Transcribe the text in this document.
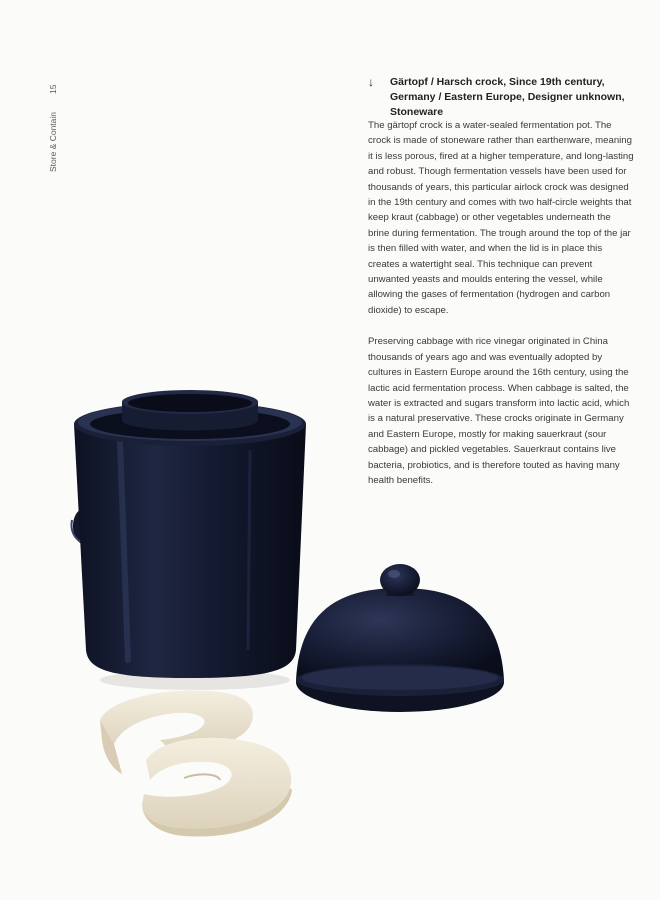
Store & Contain
15
↓	Gärtopf / Harsch crock, Since 19th century, Germany / Eastern Europe, Designer unknown, Stoneware

The gärtopf crock is a water-sealed fermentation pot. The crock is made of stoneware rather than earthenware, meaning it is less porous, fired at a higher temperature, and long-lasting and robust. Though fermentation vessels have been used for thousands of years, this particular airlock crock was designed in the 19th century and comes with two half-circle weights that keep kraut (cabbage) or other vegetables underneath the brine during fermentation. The trough around the top of the jar is then filled with water, and when the lid is in place this creates a watertight seal. This technique can prevent unwanted yeasts and moulds entering the vessel, while allowing the gases of fermentation (hydrogen and carbon dioxide) to escape.

Preserving cabbage with rice vinegar originated in China thousands of years ago and was eventually adopted by cultures in Eastern Europe around the 16th century, using the lactic acid fermentation process. When cabbage is salted, the water is extracted and sugars transform into lactic acid, which is a natural preservative. These crocks originate in Germany and Eastern Europe, mostly for making sauerkraut (sour cabbage) and pickled vegetables. Sauerkraut contains live bacteria, probiotics, and is therefore touted as having many health benefits.
